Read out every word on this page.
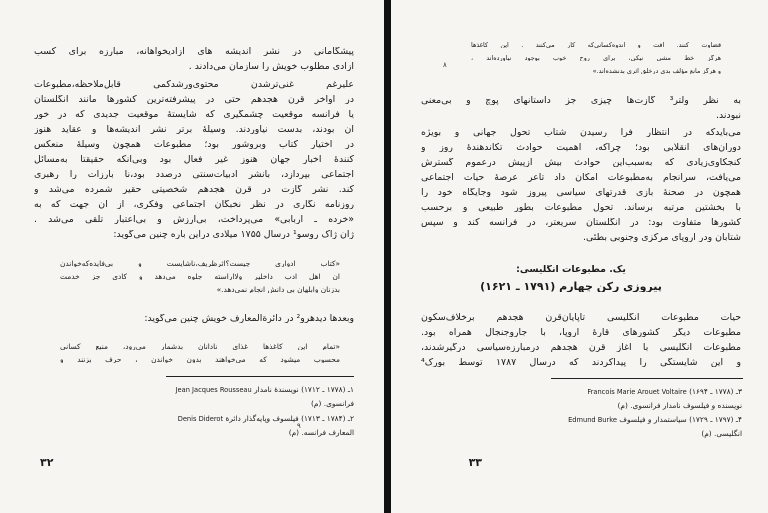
پیشگامانی در نشر اندیشه های آزادیخواهانه، مبارزه برای کسب
آزادی مطلوب خویش را سازمان می‌دادند .
علیرغم غنی‌ترشدن محتوی‌ورشدکمی قابل‌ملاحظه،مطبوعات
در اواخر قرن هجدهم حتی در پیشرفته‌ترین کشورها مانند انگلستان
یا فرانسه موقعیت چشمگیری که شایستهٔ موقعیت جدیدی که در خور
آن بودند، بدست نیاوردند. وسیلهٔ برتر نشر اندیشه‌ها و عقاید هنوز
در اختیار کتاب وبروشور بود؛ مطبوعات همچون وسیلهٔ منعکس
کنندهٔ اخبار جهان هنوز غیر فعال بود وبی‌آنکه حقیقتاً به‌مسائل
اجتماعی بپردازد، بانشر ادبیات‌سنتی درصدد بود،نا بارزات را رهبری
کند. نشر گازت در قرن هجدهم شخصیتی حقیر شمرده می‌شد و
روزنامه نگاری در نظر نخبگان اجتماعی وفکری، از آن جهت که به
«خرده ـ اربابی» می‌پرداخت، بی‌ارزش و بی‌اعتبار تلقی می‌شد .
ژان ژاک روسو¹ درسال ۱۷۵۵ میلادی دراین باره چنین می‌گوید:
«کتاب ادواری چیست؟اثرظریف،ناشایست و بی‌فایده‌که‌خواندن
آن اهل ادب داخلیر ولاآراسته جلوه می‌دهد و کادی جز خدمت
بدزنان وابلهان بی دانش انجام نمی‌دهد.»
وبعدها دیدهرو² در دائرةالمعارف خویش چنین می‌گوید:
«تمام این کاغذها غذای نادانان بدشمار می‌رود، منبع کسانی
محسوب میشود که می‌خواهند بدون خواندن ، حرف بزنند و
۱ـ (۱۷۷۸ ـ ۱۷۱۲) نویسندهٔ نامدار Jean Jacques Rousseau
فرانسوی. (م)
۲ـ (۱۷۸۴ ـ ۱۷۱۳) فیلسوف وپایه‌گذار دائرة Denis Diderot
المعارف فرانسه. (م)
۹
۳۲
قضاوت کنند. آفت و اندوه‌کسانی‌که کار می‌کنند . این کاغذها
هرگز خط مشی نیکی، برای روح خوب بوجود نیاورده‌اند ،
و هرگز مانع مؤلف بدی درخلق اثری بدنشده‌اند.»
۸
به نظر ولتر³ گازت‌ها چیزی جز داستانهای پوچ و بی‌معنی
نبودند.
می‌بایدکه در انتظار فرا رسیدن شتاب تحول جهانی و بویژه
دوران‌های انقلابی بود؛ چراکه، اهمیت حوادث تکاندهندهٔ روز و
کنجکاوی‌زیادی که به‌سبب‌این حوادث بیش ازپیش درعموم گسترش
می‌یافت، سرانجام به‌مطبوعات امکان داد تاعر عرصهٔ حیات اجتماعی
همچون در صحنهٔ بازی قدرتهای سیاسی پیروز شود وجایگاه خود را
با بخشتین مرتبه برساند. تحول مطبوعات بطور طبیعی و برحسب
کشورها متفاوت بود: در انگلستان سریعتر، در فرانسه کند و سپس
شتابان ودر اروپای مرکزی وجنوبی بطئی.
یک. مطبوعات انگلیسی:
پیروزی رکن چهارم (۱۷۹۱ ـ ۱۶۲۱)
حیات مطبوعات انگلیسی تاپایان‌قرن هجدهم برخلاف‌سکون
مطبوعات دیگر کشورهای قارهٔ اروپا، با جاروجنجال همراه بود.
مطبوعات انگلیسی با آغاز قرن هجدهم درمبارزه‌سیاسی درگیرشدند،
و این شایستگی را پیداکردند که درسال ۱۷۸۷ توسط بورک⁴
۳ـ (۱۷۷۸ ـ ۱۶۹۴) Francois Marie Arouet Voltaire
نویسنده و فیلسوف نامدار فرانسوی. (م)
۴ـ (۱۷۹۷ ـ ۱۷۲۹) سیاستمدار و فیلسوف Edmund Burke
انگلیسی. (م)
۳۳
